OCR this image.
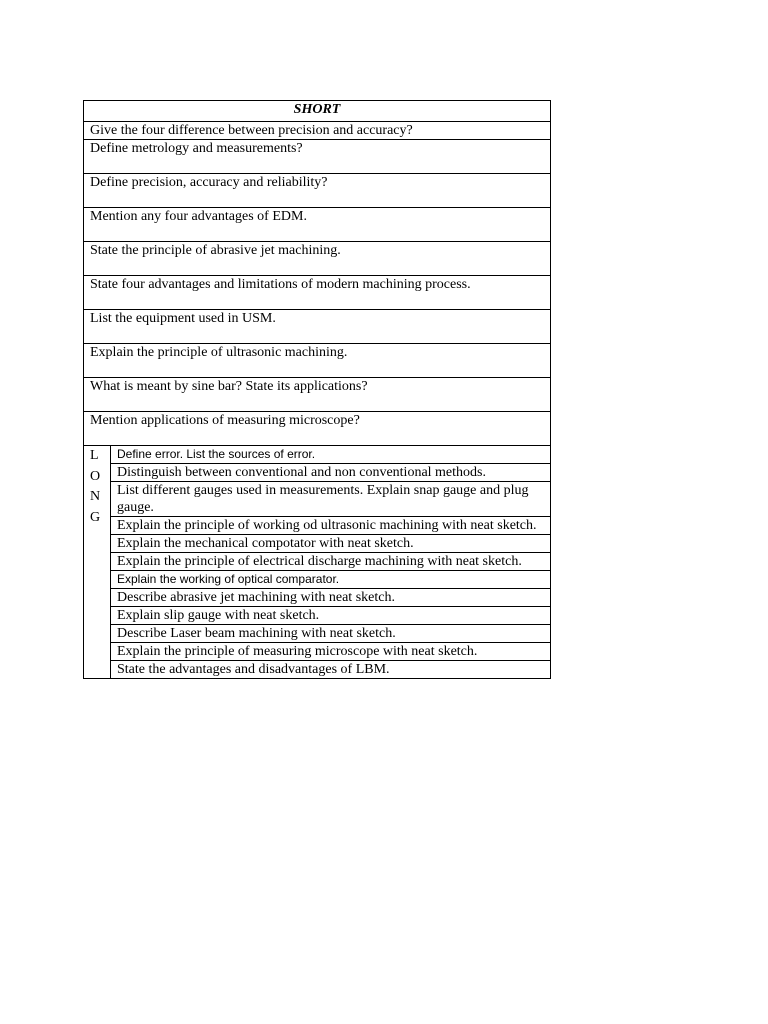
SHORT
Give the four difference between precision and accuracy?
Define metrology and measurements?
Define precision, accuracy and reliability?
Mention any four advantages of EDM.
State the principle of abrasive jet machining.
State four advantages and limitations of modern machining process.
List the equipment used in USM.
Explain the principle of ultrasonic machining.
What is meant by sine bar? State its applications?
Mention applications of measuring microscope?

L
O
N
G
	Define error. List the sources of error.
Distinguish between conventional and non conventional methods.
List different gauges used in measurements. Explain snap gauge and plug gauge.
Explain the principle of working od ultrasonic machining with neat sketch.
Explain the mechanical compotator with neat sketch.
Explain the principle of electrical discharge machining with neat sketch.
Explain the working of optical comparator.
Describe abrasive jet machining with neat sketch.
Explain slip gauge with neat sketch.
Describe Laser beam machining with neat sketch.
Explain the principle of measuring microscope with neat sketch.
State the advantages and disadvantages of LBM.
